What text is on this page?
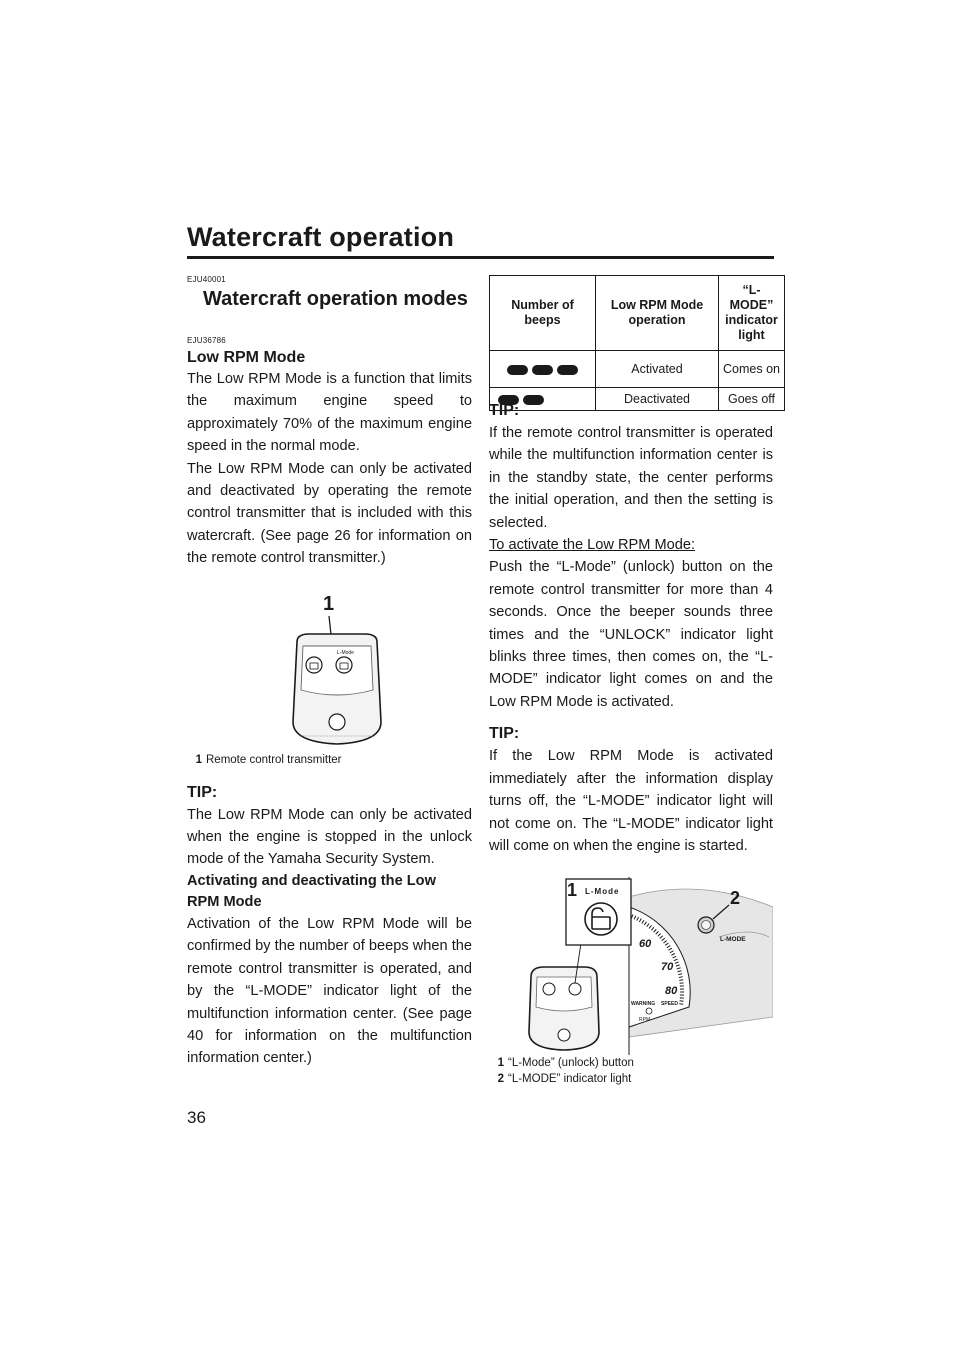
Watercraft operation
EJU40001
Watercraft operation modes
EJU36786
Low RPM Mode

The Low RPM Mode is a function that limits the maximum engine speed to approximately 70% of the maximum engine speed in the normal mode.

The Low RPM Mode can only be activated and deactivated by operating the remote control transmitter that is included with this watercraft. (See page 26 for information on the remote control transmitter.)

1
L-Mode
1 Remote control transmitter
TIP:

The Low RPM Mode can only be activated when the engine is stopped in the unlock mode of the Yamaha Security System.

Activating and deactivating the Low RPM Mode

Activation of the Low RPM Mode will be confirmed by the number of beeps when the remote control transmitter is operated, and by the “L-MODE” indicator light of the multifunction information center. (See page 40 for information on the multifunction information center.)

Number of beeps	Low RPM Mode operation	“L-MODE” indicator light
	Activated	Comes on
	Deactivated	Goes off
TIP:

If the remote control transmitter is operated while the multifunction information center is in the standby state, the center performs the initial operation, and then the setting is selected.

To activate the Low RPM Mode:

Push the “L-Mode” (unlock) button on the remote control transmitter for more than 4 seconds. Once the beeper sounds three times and the “UNLOCK” indicator light blinks three times, then comes on, the “L-MODE” indicator light comes on and the Low RPM Mode is activated.

TIP:

If the Low RPM Mode is activated immediately after the information display turns off, the “L-MODE” indicator light will not come on. The “L-MODE” indicator light will come on when the engine is started.

60
70
80
WARNING SPEED
RPM
L-MODE
2
L-Mode
1
1 “L-Mode” (unlock) button
2 “L-MODE” indicator light
36
